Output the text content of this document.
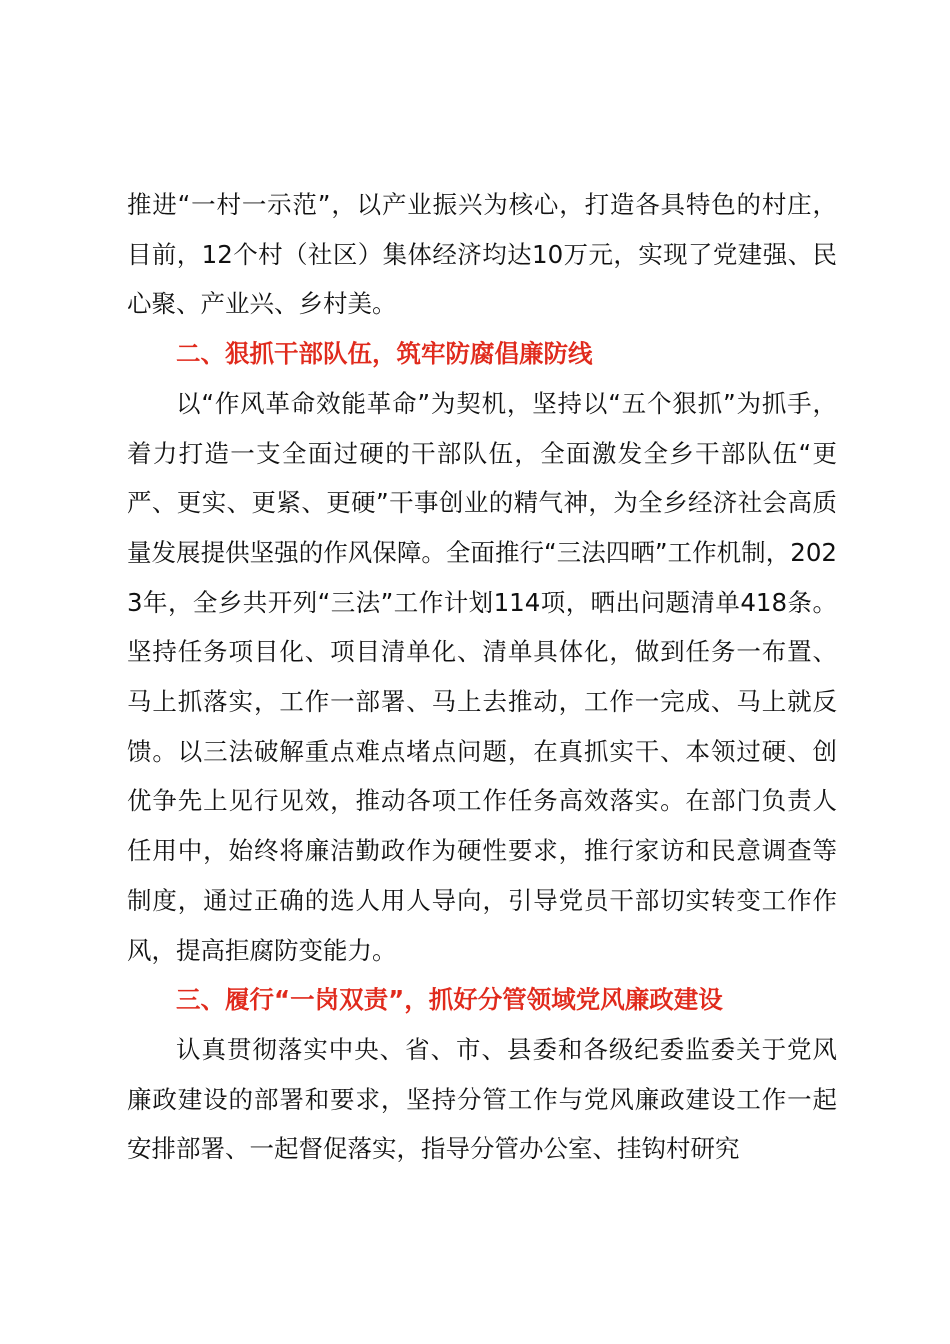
推进“一村一示范”，以产业振兴为核心，打造各具特色的村庄，目前，12个村（社区）集体经济均达10万元，实现了党建强、民心聚、产业兴、乡村美。

二、狠抓干部队伍，筑牢防腐倡廉防线

以“作风革命效能革命”为契机，坚持以“五个狠抓”为抓手，着力打造一支全面过硬的干部队伍，全面激发全乡干部队伍“更严、更实、更紧、更硬”干事创业的精气神，为全乡经济社会高质量发展提供坚强的作风保障。全面推行“三法四晒”工作机制，2023年，全乡共开列“三法”工作计划114项，晒出问题清单418条。坚持任务项目化、项目清单化、清单具体化，做到任务一布置、马上抓落实，工作一部署、马上去推动，工作一完成、马上就反馈。以三法破解重点难点堵点问题，在真抓实干、本领过硬、创优争先上见行见效，推动各项工作任务高效落实。在部门负责人任用中，始终将廉洁勤政作为硬性要求，推行家访和民意调查等制度，通过正确的选人用人导向，引导党员干部切实转变工作作风，提高拒腐防变能力。

三、履行“一岗双责”，抓好分管领域党风廉政建设

认真贯彻落实中央、省、市、县委和各级纪委监委关于党风廉政建设的部署和要求，坚持分管工作与党风廉政建设工作一起安排部署、一起督促落实，指导分管办公室、挂钩村研究
